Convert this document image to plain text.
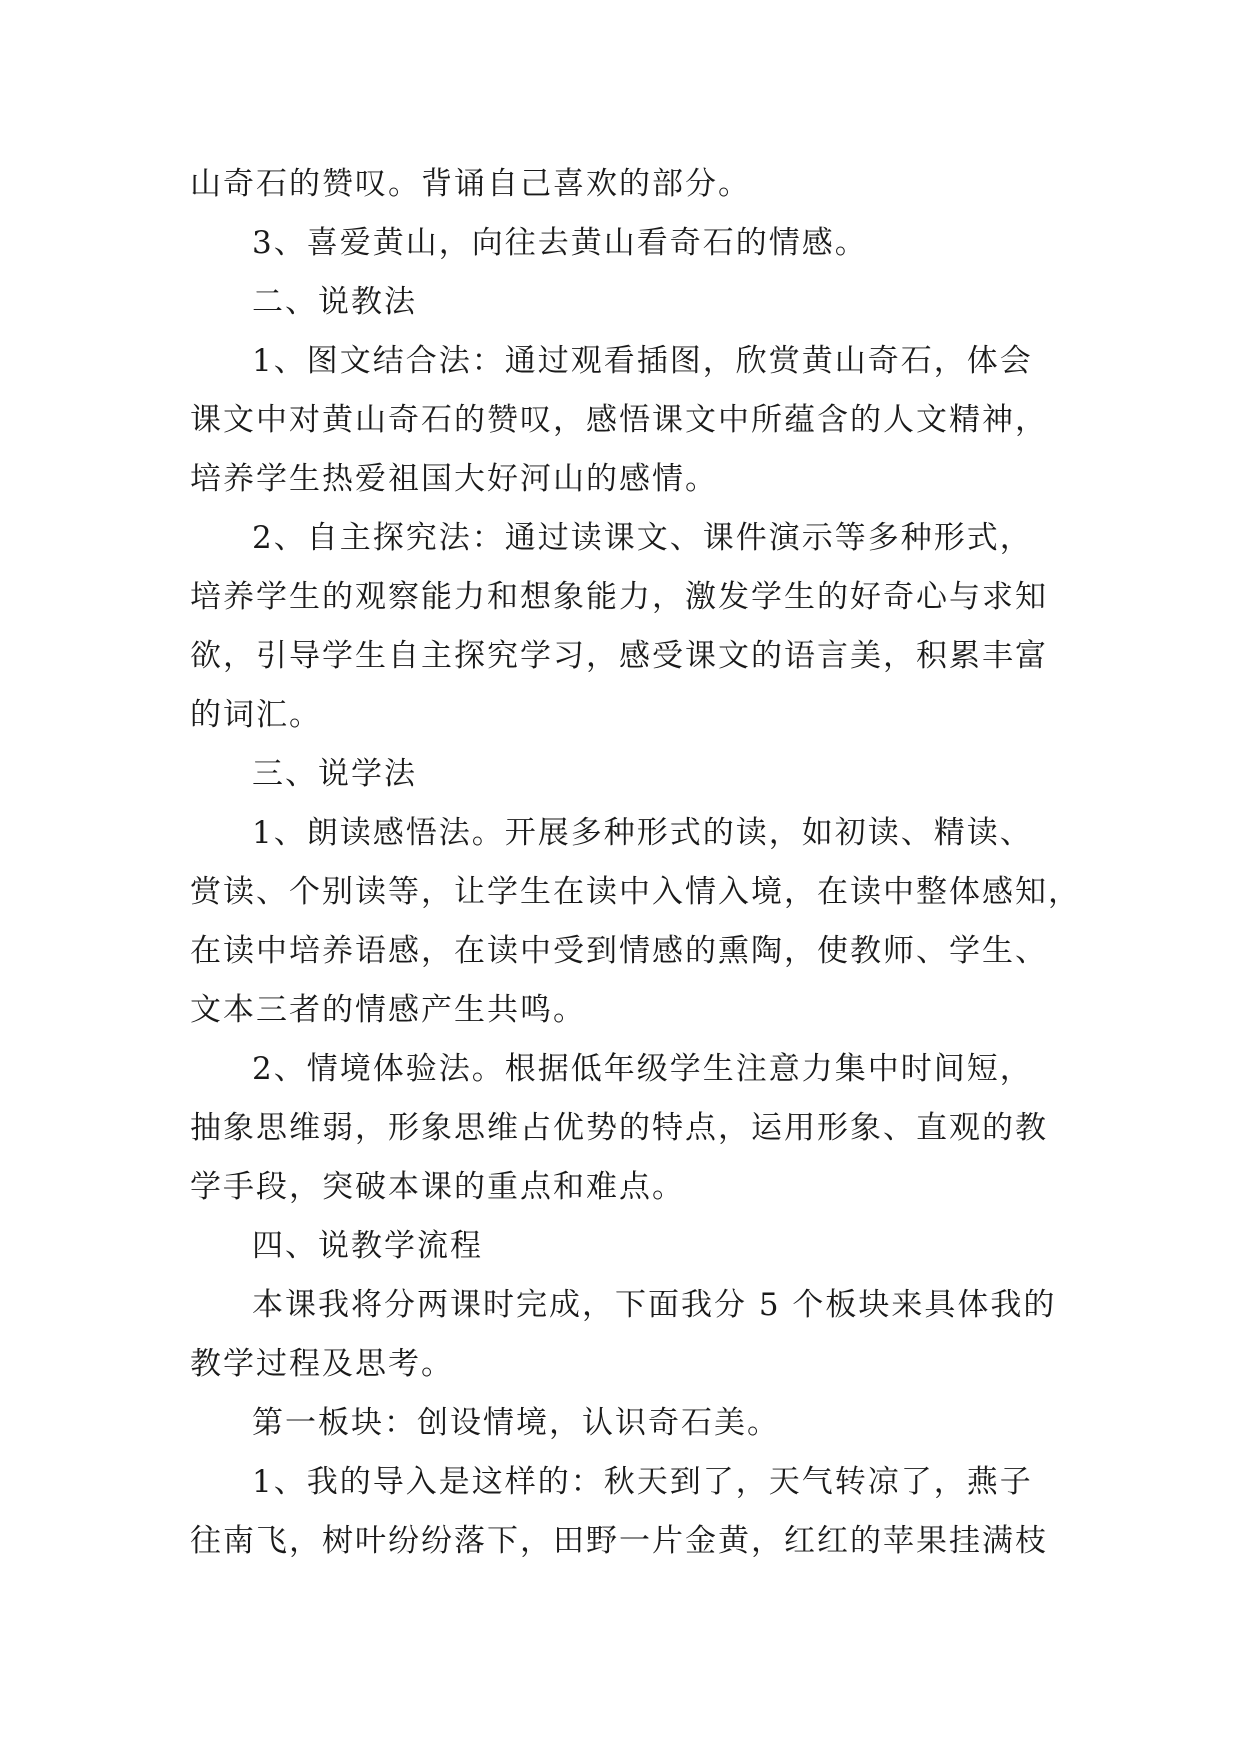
山奇石的赞叹。背诵自己喜欢的部分。
3、喜爱黄山，向往去黄山看奇石的情感。
二、说教法
1、图文结合法：通过观看插图，欣赏黄山奇石，体会
课文中对黄山奇石的赞叹，感悟课文中所蕴含的人文精神，
培养学生热爱祖国大好河山的感情。
2、自主探究法：通过读课文、课件演示等多种形式，
培养学生的观察能力和想象能力，激发学生的好奇心与求知
欲，引导学生自主探究学习，感受课文的语言美，积累丰富
的词汇。
三、说学法
1、朗读感悟法。开展多种形式的读，如初读、精读、
赏读、个别读等，让学生在读中入情入境，在读中整体感知，
在读中培养语感，在读中受到情感的熏陶，使教师、学生、
文本三者的情感产生共鸣。
2、情境体验法。根据低年级学生注意力集中时间短，
抽象思维弱，形象思维占优势的特点，运用形象、直观的教
学手段，突破本课的重点和难点。
四、说教学流程
本课我将分两课时完成，下面我分 5 个板块来具体我的
教学过程及思考。
第一板块：创设情境，认识奇石美。
1、我的导入是这样的：秋天到了，天气转凉了，燕子
往南飞，树叶纷纷落下，田野一片金黄，红红的苹果挂满枝
